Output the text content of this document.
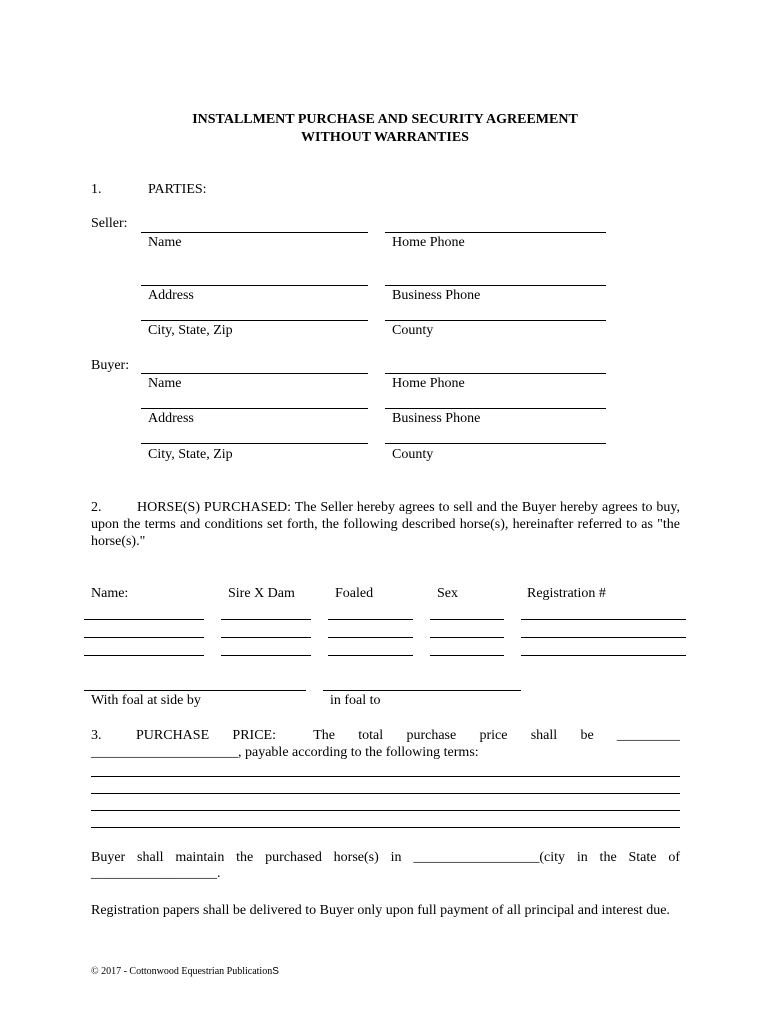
INSTALLMENT PURCHASE AND SECURITY AGREEMENT
WITHOUT WARRANTIES
1.	PARTIES:
Seller:
Name	Home Phone
Address	Business Phone
City, State, Zip	County
Buyer:
Name	Home Phone
Address	Business Phone
City, State, Zip	County
2.	HORSE(S) PURCHASED: The Seller hereby agrees to sell and the Buyer hereby agrees to buy, upon the terms and conditions set forth, the following described horse(s), hereinafter referred to as "the horse(s)."
Name:	Sire X Dam	Foaled	Sex	Registration #
With foal at side by	in foal to
3. PURCHASE PRICE:	The total purchase price shall be _________
_____________________, payable according to the following terms:
Buyer shall maintain the purchased horse(s) in __________________(city in the State of
__________________.
Registration papers shall be delivered to Buyer only upon full payment of all principal and interest due.
© 2017 - Cottonwood Equestrian PublicationS
